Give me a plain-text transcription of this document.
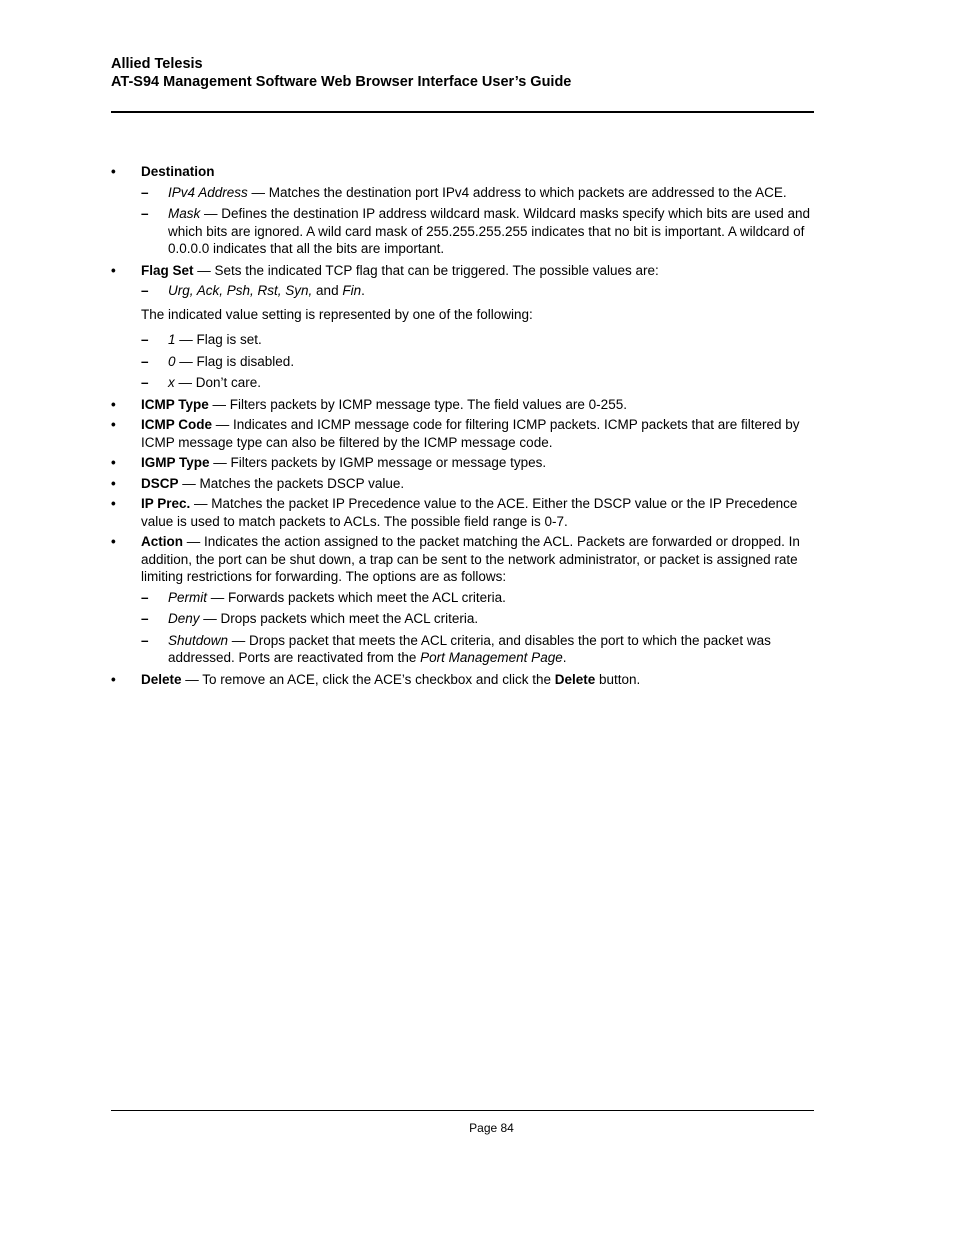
Allied Telesis
AT-S94 Management Software Web Browser Interface User’s Guide
• Destination
– IPv4 Address — Matches the destination port IPv4 address to which packets are addressed to the ACE.
– Mask — Defines the destination IP address wildcard mask. Wildcard masks specify which bits are used and which bits are ignored. A wild card mask of 255.255.255.255 indicates that no bit is important. A wildcard of 0.0.0.0 indicates that all the bits are important.
• Flag Set — Sets the indicated TCP flag that can be triggered. The possible values are:
– Urg, Ack, Psh, Rst, Syn, and Fin.
The indicated value setting is represented by one of the following:
– 1 — Flag is set.
– 0 — Flag is disabled.
– x — Don’t care.
• ICMP Type — Filters packets by ICMP message type. The field values are 0-255.
• ICMP Code — Indicates and ICMP message code for filtering ICMP packets. ICMP packets that are filtered by ICMP message type can also be filtered by the ICMP message code.
• IGMP Type — Filters packets by IGMP message or message types.
• DSCP — Matches the packets DSCP value.
• IP Prec. — Matches the packet IP Precedence value to the ACE. Either the DSCP value or the IP Precedence value is used to match packets to ACLs. The possible field range is 0-7.
• Action — Indicates the action assigned to the packet matching the ACL. Packets are forwarded or dropped. In addition, the port can be shut down, a trap can be sent to the network administrator, or packet is assigned rate limiting restrictions for forwarding. The options are as follows:
– Permit — Forwards packets which meet the ACL criteria.
– Deny — Drops packets which meet the ACL criteria.
– Shutdown — Drops packet that meets the ACL criteria, and disables the port to which the packet was addressed. Ports are reactivated from the Port Management Page.
• Delete — To remove an ACE, click the ACE’s checkbox and click the Delete button.
Page 84
